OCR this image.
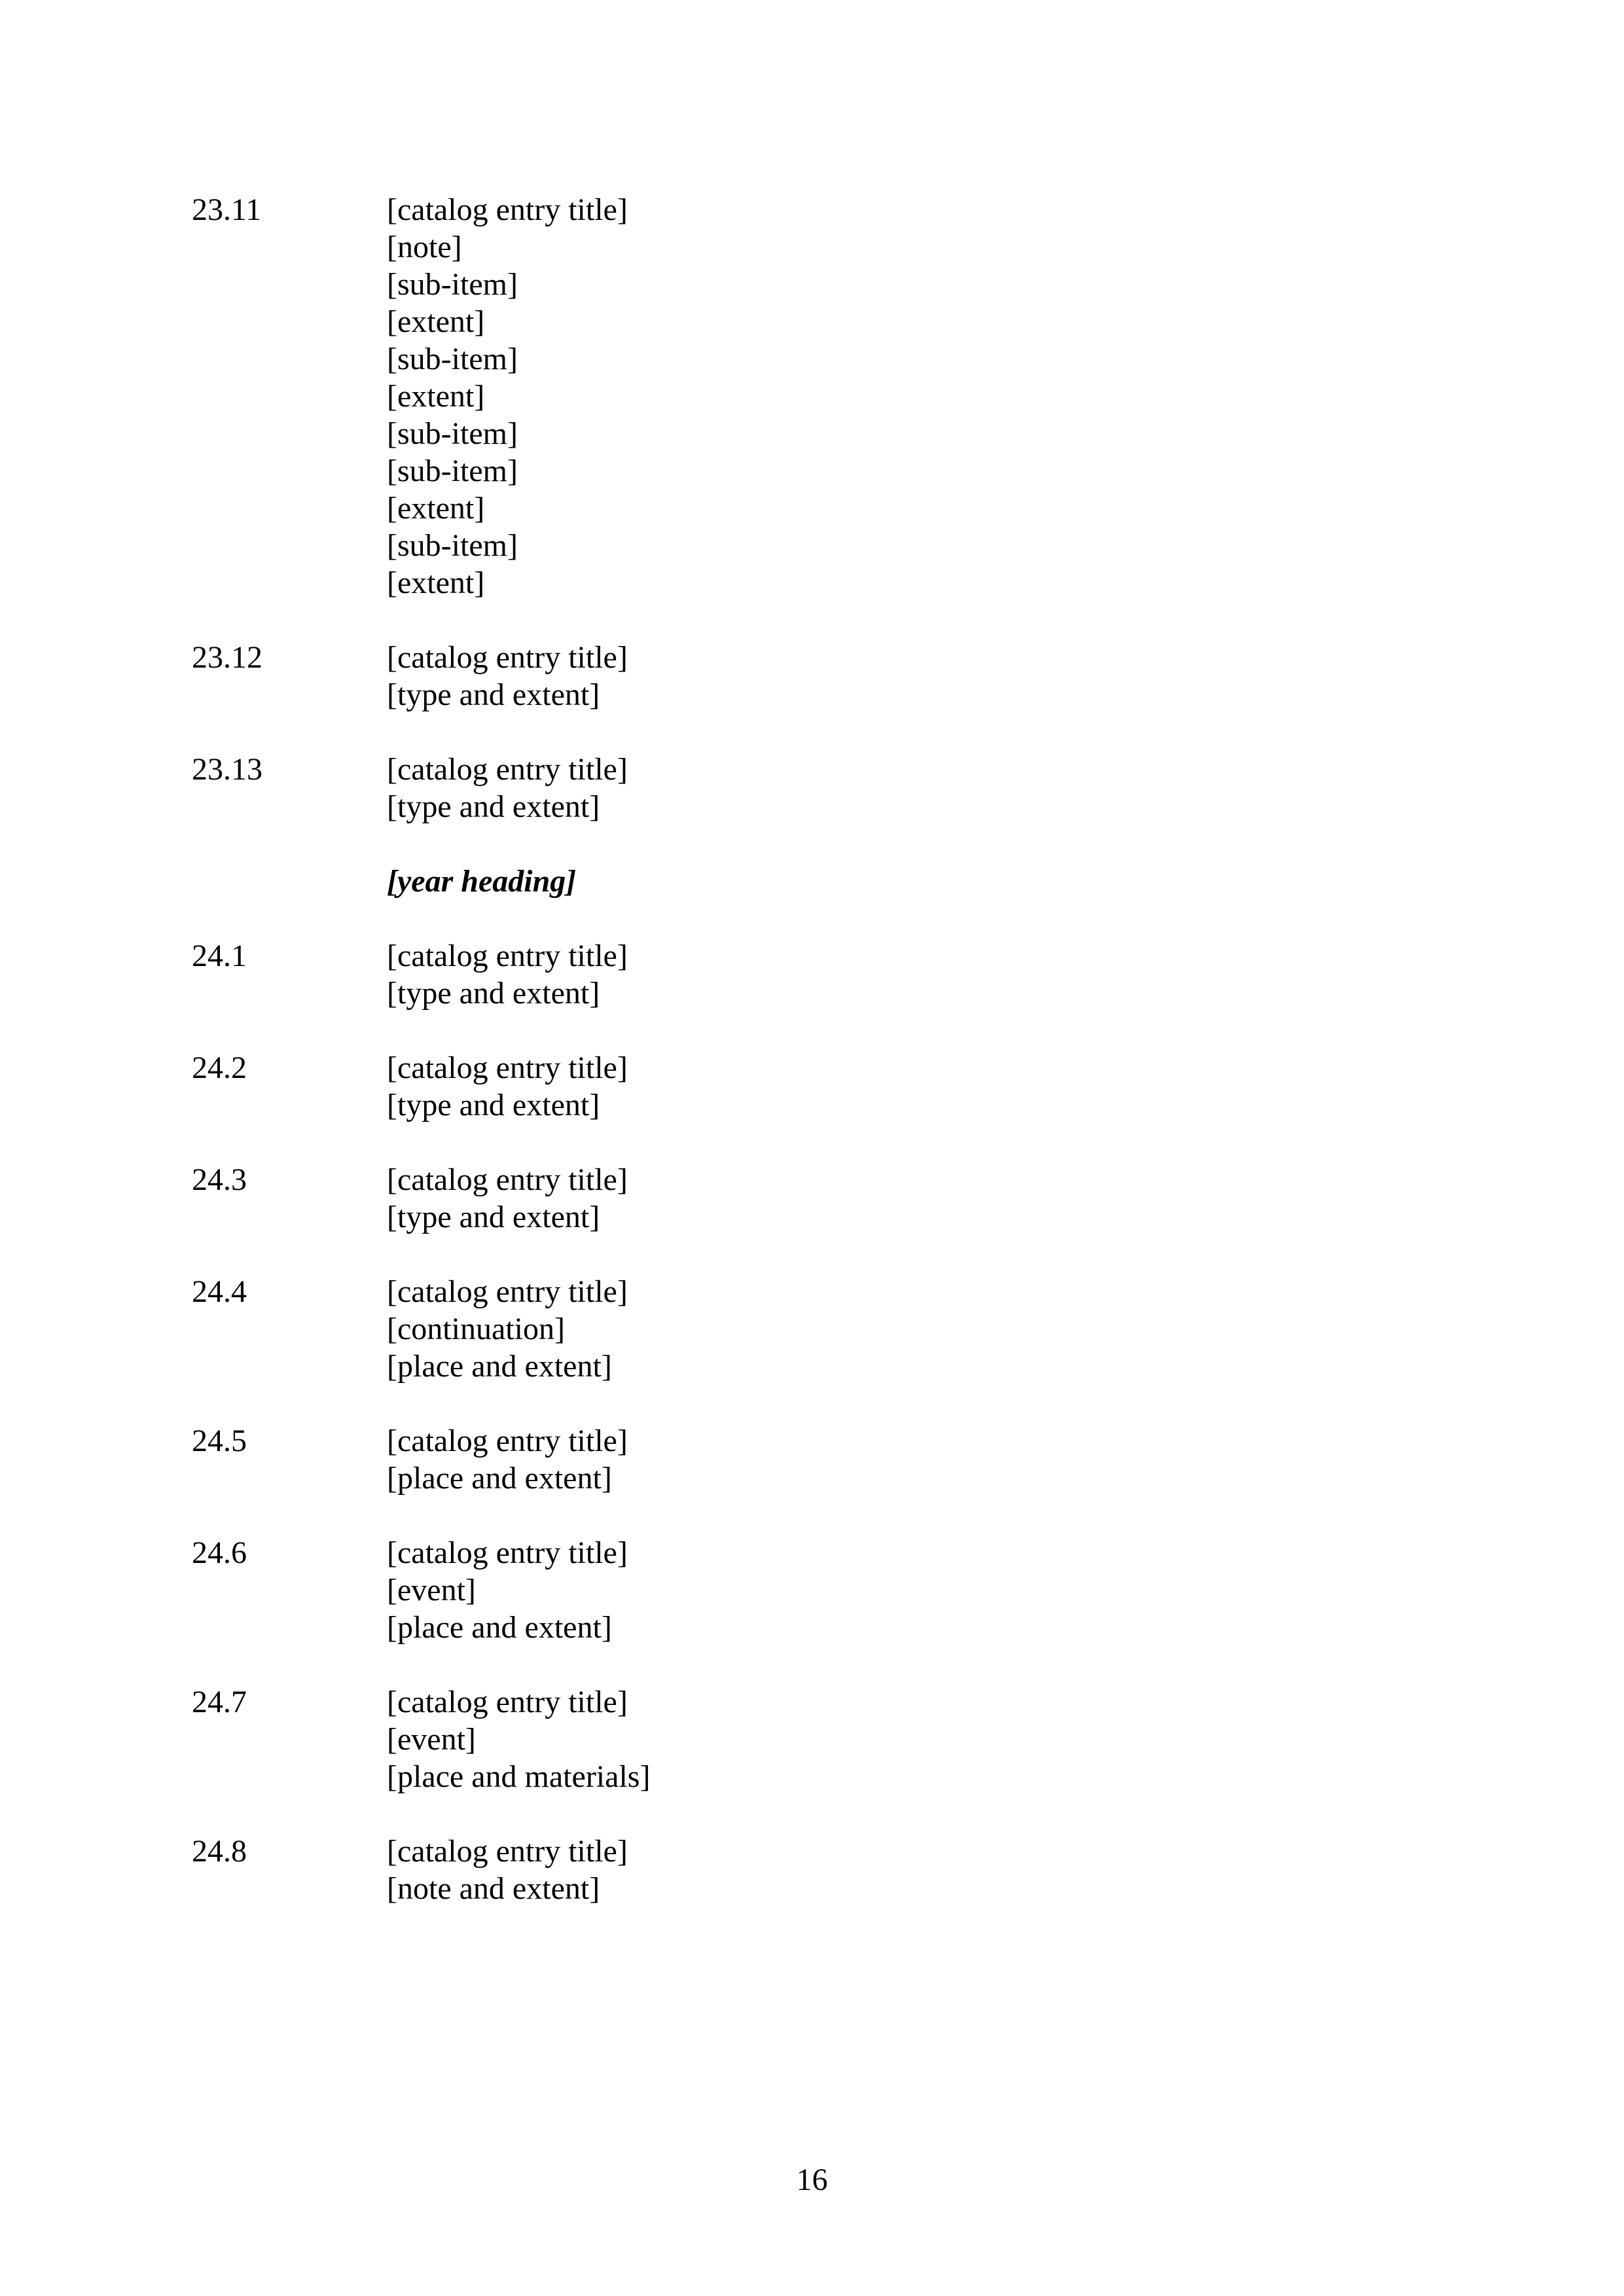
23.11	[catalog entry title]
[note]
[sub-item]
[extent]
[sub-item]
[extent]
[sub-item]
[sub-item]
[extent]
[sub-item]
[extent]
23.12	[catalog entry title]
[type and extent]
23.13	[catalog entry title]
[type and extent]
[year heading]
24.1	[catalog entry title]
[type and extent]
24.2	[catalog entry title]
[type and extent]
24.3	[catalog entry title]
[type and extent]
24.4	[catalog entry title]
[continuation]
[place and extent]
24.5	[catalog entry title]
[place and extent]
24.6	[catalog entry title]
[event]
[place and extent]
24.7	[catalog entry title]
[event]
[place and materials]
24.8	[catalog entry title]
[note and extent]
16
